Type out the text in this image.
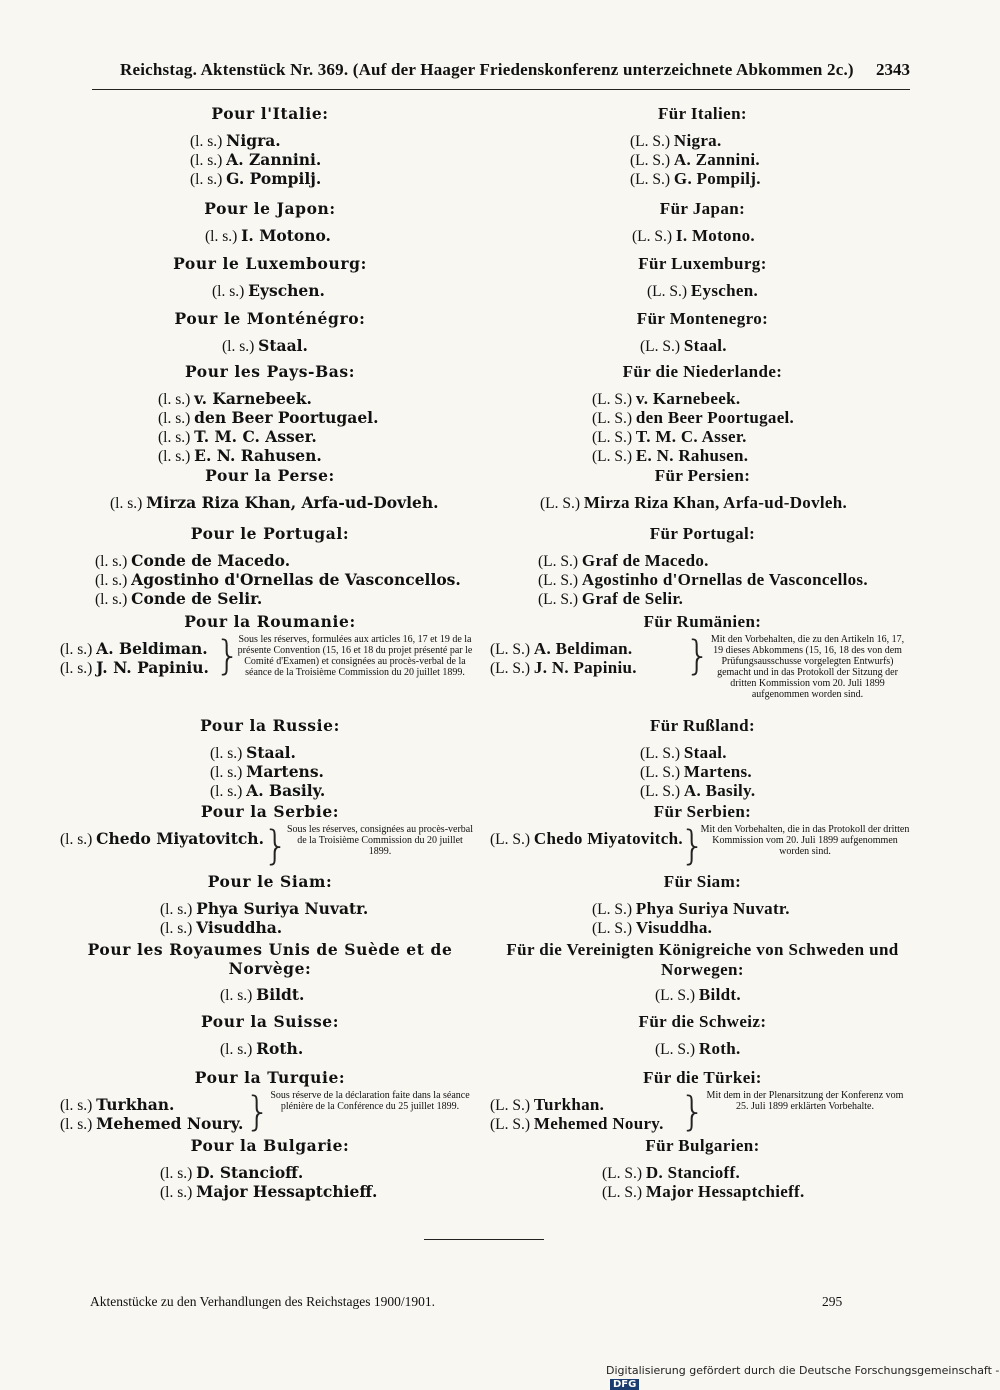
Reichstag. Aktenstück Nr. 369. (Auf der Haager Friedenskonferenz unterzeichnete Abkommen 2c.) 2343
Pour l'Italie:
(l. s.) Nigra.
(l. s.) A. Zannini.
(l. s.) G. Pompilj.
Pour le Japon:
(l. s.) I. Motono.
Pour le Luxembourg:
(l. s.) Eyschen.
Pour le Monténégro:
(l. s.) Staal.
Pour les Pays-Bas:
(l. s.) v. Karnebeek.
(l. s.) den Beer Poortugael.
(l. s.) T. M. C. Asser.
(l. s.) E. N. Rahusen.
Pour la Perse:
(l. s.) Mirza Riza Khan, Arfa-ud-Dovleh.
Pour le Portugal:
(l. s.) Conde de Macedo.
(l. s.) Agostinho d'Ornellas de Vasconcellos.
(l. s.) Conde de Selir.
Pour la Roumanie:
(l. s.) A. Beldiman.
(l. s.) J. N. Papiniu. }
Sous les réserves, formulées aux articles 16, 17 et 19 de la présente Convention (15, 16 et 18 du projet présenté par le Comité d'Examen) et consignées au procès-verbal de la séance de la Troisième Commission du 20 juillet 1899.
Pour la Russie:
(l. s.) Staal.
(l. s.) Martens.
(l. s.) A. Basily.
Pour la Serbie:
(l. s.) Chedo Miyatovitch. }
Sous les réserves, consignées au procès-verbal de la Troisième Commission du 20 juillet 1899.
Pour le Siam:
(l. s.) Phya Suriya Nuvatr.
(l. s.) Visuddha.
Pour les Royaumes Unis de Suède et de Norvège:
(l. s.) Bildt.
Pour la Suisse:
(l. s.) Roth.
Pour la Turquie:
(l. s.) Turkhan.
(l. s.) Mehemed Noury. } Sous réserve de la déclaration faite dans la séance plénière de la Conférence du 25 juillet 1899.
Pour la Bulgarie:
(l. s.) D. Stancioff.
(l. s.) Major Hessaptchieff.
Für Italien:
(L. S.) Nigra.
(L. S.) A. Zannini.
(L. S.) G. Pompilj.
Für Japan:
(L. S.) I. Motono.
Für Luxemburg:
(L. S.) Eyschen.
Für Montenegro:
(L. S.) Staal.
Für die Niederlande:
(L. S.) v. Karnebeek.
(L. S.) den Beer Poortugael.
(L. S.) T. M. C. Asser.
(L. S.) E. N. Rahusen.
Für Persien:
(L. S.) Mirza Riza Khan, Arfa-ud-Dovleh.
Für Portugal:
(L. S.) Graf de Macedo.
(L. S.) Agostinho d'Ornellas de Vasconcellos.
(L. S.) Graf de Selir.
Für Rumänien:
(L. S.) A. Beldiman.
(L. S.) J. N. Papiniu. } Mit den Vorbehalten, die zu den Artikeln 16, 17, 19 dieses Abkommens (15, 16, 18 des von dem Prüfungsausschusse vorgelegten Entwurfs) gemacht und in das Protokoll der Sitzung der dritten Kommission vom 20. Juli 1899 aufgenommen worden sind.
Für Rußland:
(L. S.) Staal.
(L. S.) Martens.
(L. S.) A. Basily.
Für Serbien:
(L. S.) Chedo Miyatovitch.
}
Mit den Vorbehalten, die in das Protokoll der dritten Kommission vom 20. Juli 1899 aufgenommen worden sind.
Für Siam:
(L. S.) Phya Suriya Nuvatr.
(L. S.) Visuddha.
Für die Vereinigten Königreiche von Schweden und Norwegen:
(L. S.) Bildt.
Für die Schweiz:
(L. S.) Roth.
Für die Türkei:
(L. S.) Turkhan.
(L. S.) Mehemed Noury. } Mit dem in der Plenarsitzung der Konferenz vom 25. Juli 1899 erklärten Vorbehalte.
Für Bulgarien:
(L. S.) D. Stancioff.
(L. S.) Major Hessaptchieff.
Aktenstücke zu den Verhandlungen des Reichstages 1900/1901.	295
Digitalisierung gefördert durch die Deutsche Forschungsgemeinschaft -DFG
